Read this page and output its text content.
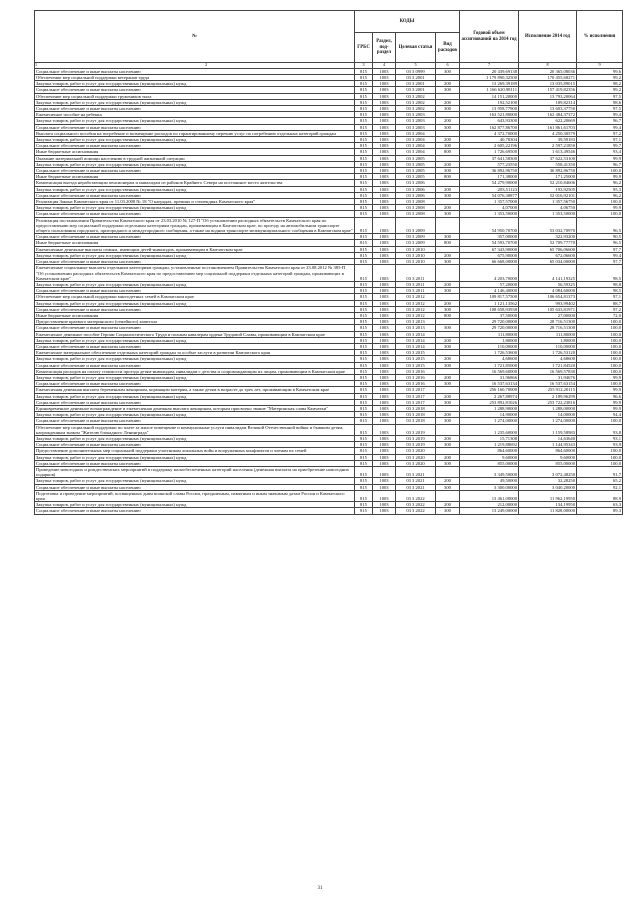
№	КОДЫ				Годовой объем ассигнований на 2014 год	Исполнение 2014 год	% исполнения
	ГРБС	Раздел, под-раздел	Целевая статья	Вид расходов			
1 2	3	4	5	6	7	8	9
Социальное обеспечение и иные выплаты населению	815	1003	03 3 0999	300	20 439,69138	20 365,08036	99,6
Обеспечение мер социальной поддержки ветеранов труда	815	1003	03 3 2001		1 179 890,32500	170 455,68271	99,2
Закупка товаров, работ и услуг для государственных (муниципальных) нужд	815	1003	03 3 2001	200	13 269,39189	13 035,89015	98,2
Социальное обеспечение и иные выплаты населению	815	1003	03 3 2001	300	1 166 620,98111	157 419,82356	99,2
Обеспечение мер социальной поддержки тружеников тыла	815	1003	03 3 2002		14 151,20000	13 793,20064	97,5
Закупка товаров, работ и услуг для государственных (муниципальных) нужд	815	1003	03 3 2002	200	192,52100	189,82314	98,6
Социальное обеспечение и иные выплаты населению	815	1003	03 3 2002	300	13 958,77900	13 603,37750	97,5
Ежемесячное пособие на ребенка	815	1003	03 3 2003		163 521,80000	162 484,37372	99,4
Закупка товаров, работ и услуг для государственных (муниципальных) нужд	815	1003	03 3 2003	200	643,93300	622,20669	96,7
Социальное обеспечение и иные выплаты населению	815	1003	03 3 2003	300	162 877,86700	161 861,61703	99,4
Выплата социального пособия на погребение и возмещение расходов по гарантированному перечню услуг по погребению отдельных категорий граждан	815	1003	03 3 2004		4 372,70000	4 250,30579	97,2
Закупка товаров, работ и услуг для государственных (муниципальных) нужд	815	1003	03 3 2004	200	40,78304	39,59183	97,1
Социальное обеспечение и иные выплаты населению	815	1003	03 3 2004	300	2 605,22196	2 597,21850	99,7
Иные бюджетные ассигнования	815	1003	03 3 2004	800	1 726,69500	1 613,49546	93,4
Оказание материальной помощи населению в трудной жизненной ситуации	815	1003	03 3 2005		37 641,58300	37 622,53100	99,9
Закупка товаров, работ и услуг для государственных (муниципальных) нужд	815	1003	03 3 2005	200	577,23550	558,41350	96,7
Социальное обеспечение и иные выплаты населению	815	1003	03 3 2005	300	36 892,96750	36 892,86750	100,0
Иные бюджетные ассигнования	815	1003	03 3 2005	800	171,38000	171,25000	99,9
Компенсация выезда неработающим пенсионерам и инвалидам из районов Крайнего Севера на постоянное место жительства	815	1003	03 3 2006		54 279,90000	52 210,84606	96,2
Закупка товаров, работ и услуг для государственных (муниципальных) нужд	815	1003	03 3 2006	200	203,51123	193,92505	95,3
Социальное обеспечение и иные выплаты населению	815	1003	03 3 2006	300	54 076,38877	52 016,92101	96,2
Реализация Закона Камчатского края от 11.03.2008 № 18 "О наградах, премиях и стипендиях Камчатского края"	815	1003	03 3 2008		1 357,57000	1 357,56750	100,0
Закупка товаров, работ и услуг для государственных (муниципальных) нужд	815	1003	03 3 2008	200	4,07000	4,06750	99,9
Социальное обеспечение и иные выплаты населению	815	1003	03 3 2008	300	1 353,50000	1 353,50000	100,0
Реализация постановления Правительства Камчатского края от 23.03.2010 № 127-П "Об установлении расходных обязательств Камчатского края по предоставлению мер социальной поддержки отдельным категориям граждан, проживающим в Камчатском крае, по проезду на автомобильном транспорте общего пользования городского, пригородного и междугородного сообщения, а также на водном транспорте межмуниципального сообщения в Камчатском крае"	815	1003	03 3 2009		54 950,70700	53 032,70970	96,5
Социальное обеспечение и иные выплаты населению	815	1003	03 3 2009	300	357,00000	322,93200	90,5
Иные бюджетные ассигнования	815	1003	03 3 2009	800	54 593,70700	52 709,77770	96,5
Ежемесячные денежные выплаты семьям, имеющим детей-инвалидов, проживающим в Камчатском крае	815	1003	03 3 2010		67 343,90000	65 706,06600	97,7
Закупка товаров, работ и услуг для государственных (муниципальных) нужд	815	1003	03 3 2010	200	675,90000	672,06600	99,4
Социальное обеспечение и иные выплаты населению	815	1003	03 3 2010	300	66 668,00000	65 034,00000	97,7
Ежемесячные социальные выплаты отдельным категориям граждан, установленные постановлением Правительства Камчатского края от 23.08.2012 № 385-П "Об установлении расходных обязательств Камчатского края по предоставлению мер социальной поддержки отдельных категорий граждан, проживающих в Камчатском крае"	815	1003	03 3 2011		4 203,70000	4 141,19325	98,5
Закупка товаров, работ и услуг для государственных (муниципальных) нужд	815	1003	03 3 2011	200	57,20000	56,59325	98,8
Социальное обеспечение и иные выплаты населению	815	1003	03 3 2011	300	4 146,40000	4 084,60000	98,5
Обеспечение мер социальной поддержки многодетных семей в Камчатском крае	815	1003	03 3 2012		109 817,57500	106 654,81373	97,1
Закупка товаров, работ и услуг для государственных (муниципальных) нужд	815	1003	03 3 2012	200	1 121,13562	993,99402	88,7
Социальное обеспечение и иные выплаты населению	815	1003	03 3 2012	300	108 658,93938	105 633,81971	97,2
Иные бюджетные ассигнования	815	1003	03 3 2012	800	37,50000	27,00000	72,0
Предоставление краевого материнского (семейного) капитала	815	1003	03 3 2013		29 720,00000	28 716,51300	100,0
Социальное обеспечение и иные выплаты населению	815	1003	03 3 2013	300	29 720,00000	28 716,51300	100,0
Ежемесячное денежное пособие Героям Социалистического Труда и полным кавалерам ордена Трудовой Славы, проживающим в Камчатском крае	815	1003	03 3 2014		111,80000	111,80000	100,0
Закупка товаров, работ и услуг для государственных (муниципальных) нужд	815	1003	03 3 2014	200	1,80000	1,80000	100,0
Социальное обеспечение и иные выплаты населению	815	1003	03 3 2014	300	110,00000	110,00000	100,0
Ежемесячное материальное обеспечение отдельных категорий граждан за особые заслуги в развитии Камчатского края	815	1003	03 3 2015		1 726,53600	1 726,53120	100,0
Закупка товаров, работ и услуг для государственных (муниципальных) нужд	815	1003	03 3 2015	200	4,68600	4,68600	100,0
Социальное обеспечение и иные выплаты населению	815	1003	03 3 2015	300	1 721,85000	1 721,84520	100,0
Компенсация расходов на оплату стоимости проезда детям-инвалидам, инвалидам с детства и сопровождающим их лицам, проживающим в Камчатском крае	815	1003	03 3 2016		16 569,60000	16 569,57830	100,0
Закупка товаров, работ и услуг для государственных (муниципальных) нужд	815	1003	03 3 2016	200	31,96866	31,94676	99,9
Социальное обеспечение и иные выплаты населению	815	1003	03 3 2016	300	16 537,63134	16 537,63154	100,0
Ежемесячная денежная выплата беременным женщинам, кормящим матерям, а также детям в возрасте до трех лет, проживающим в Камчатском крае	815	1003	03 3 2017		256 160,70000	255 912,20115	99,9
Закупка товаров, работ и услуг для государственных (муниципальных) нужд	815	1003	03 3 2017	200	2 267,88974	2 189,96299	96,6
Социальное обеспечение и иные выплаты населению	815	1003	03 3 2017	300	253 892,81026	253 722,23816	99,9
Единовременное денежное вознаграждение и ежемесячная денежная выплата женщинам, которым присвоено звание "Материнская слава Камчатки"	815	1003	03 3 2018		1 288,90000	1 288,00000	99,9
Закупка товаров, работ и услуг для государственных (муниципальных) нужд	815	1003	03 3 2018	200	14,90000	14,00000	94,4
Социальное обеспечение и иные выплаты населению	815	1003	03 3 2018	300	1 274,00000	1 274,00000	100,0
Обеспечение мер социальной поддержки по плате за жилое помещение и коммунальные услуги инвалидам Великой Отечественной войны и бывшим детям, награжденным знаком "Жителю блокадного Ленинграда"	815	1003	03 3 2019		1 235,60000	1 159,58983	93,8
Закупка товаров, работ и услуг для государственных (муниципальных) нужд	815	1003	03 3 2019	200	15,71308	14,63640	93,1
Социальное обеспечение и иные выплаты населению	815	1003	03 3 2019	300	1 219,88692	1 144,95343	93,9
Предоставление дополнительных мер социальной поддержки участникам локальных войн и вооруженных конфликтов и членам их семей	815	1003	03 3 2020		864,60000	864,60000	100,0
Закупка товаров, работ и услуг для государственных (муниципальных) нужд	815	1003	03 3 2020	200	9,60000	9,60000	100,0
Социальное обеспечение и иные выплаты населению	815	1003	03 3 2020	300	855,00000	855,00000	100,0
Проведение новогодних и рождественских мероприятий в поддержку малообеспеченных категорий населения (денежная выплата на приобретение новогодних подарков)	815	1003	03 3 2021		3 349,50000	3 072,48250	91,7
Закупка товаров, работ и услуг для государственных (муниципальных) нужд	815	1003	03 3 2021	200	49,50000	32,28250	65,2
Социальное обеспечение и иные выплаты населению	815	1003	03 3 2021	300	3 300,00000	3 040,20000	92,1
Подготовка и проведение мероприятий, посвященных дням воинской славы России, праздничным, памятным и иным значимым датам России и Камчатского края	815	1003	03 3 2022		13 461,00000	11 962,19950	88,9
Закупка товаров, работ и услуг для государственных (муниципальных) нужд	815	1003	03 3 2022	200	212,00000	134,19950	63,3
Социальное обеспечение и иные выплаты населению	815	1003	03 3 2022	300	13 249,00000	11 828,00000	89,3
31
